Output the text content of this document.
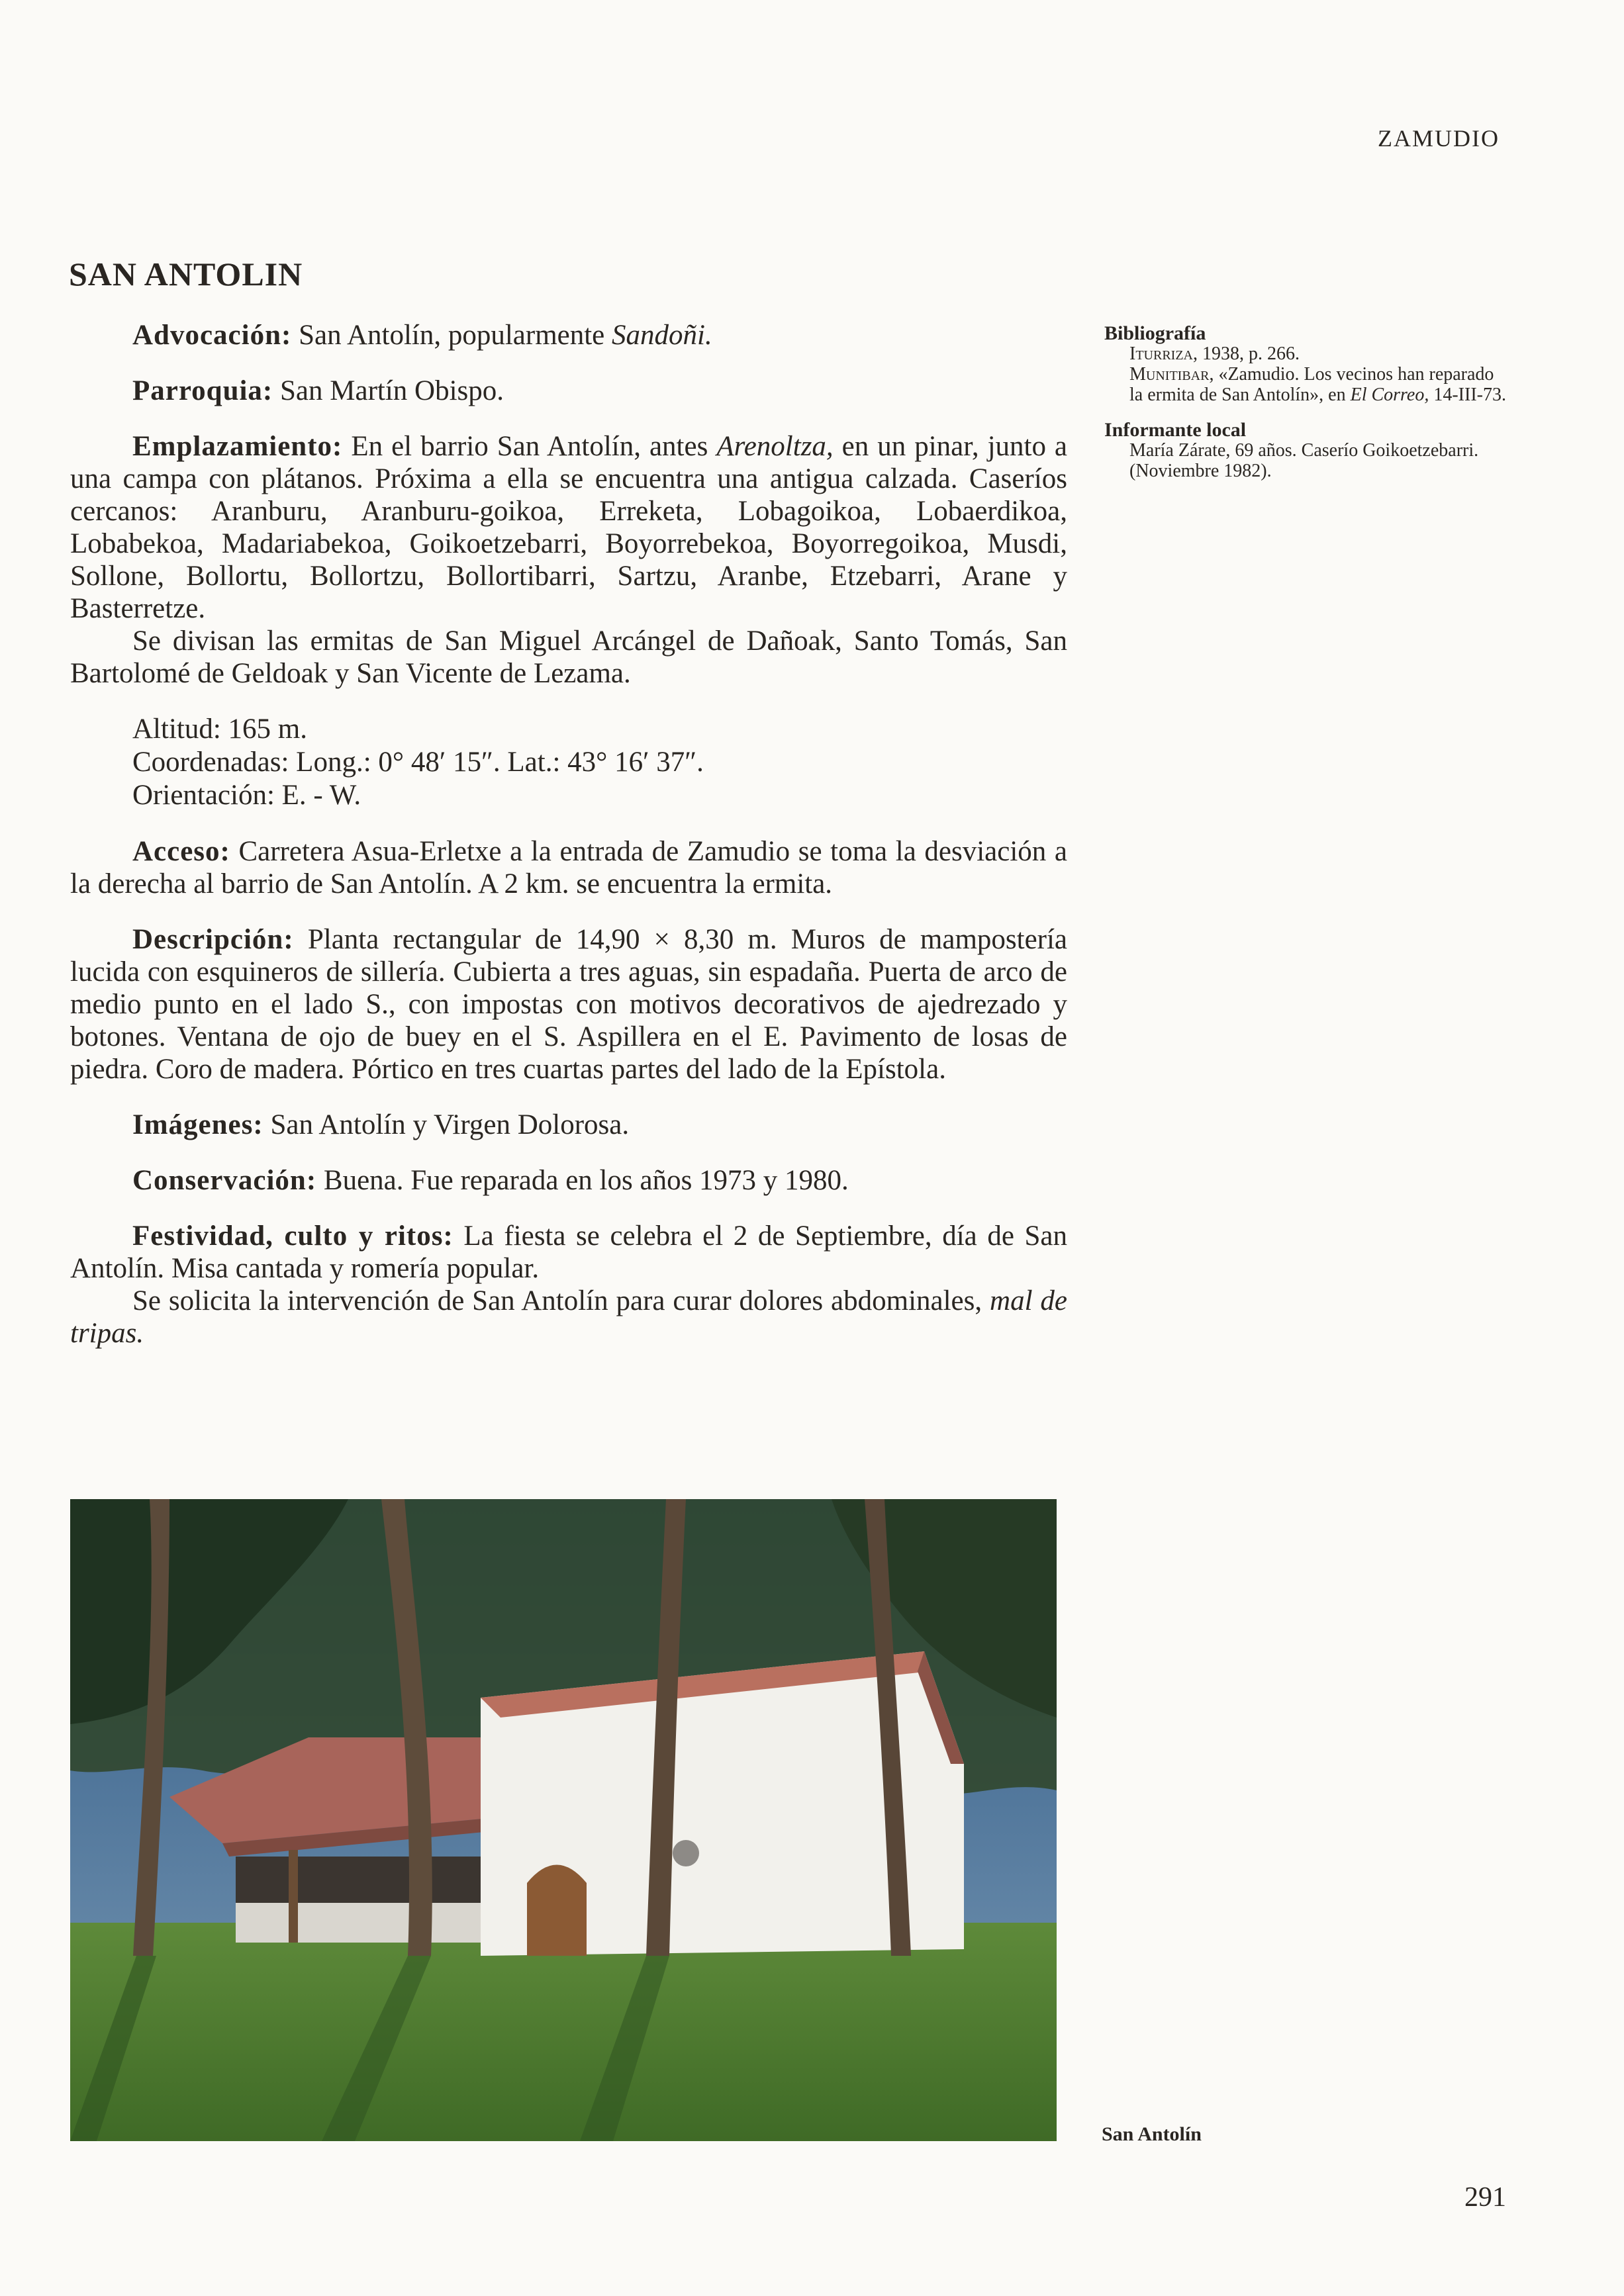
ZAMUDIO
SAN ANTOLIN

Advocación: San Antolín, popularmente Sandoñi.

Parroquia: San Martín Obispo.

Emplazamiento: En el barrio San Antolín, antes Arenoltza, en un pinar, junto a una campa con plátanos. Próxima a ella se encuentra una antigua calzada. Caseríos cercanos: Aranburu, Aranburu-goikoa, Erreketa, Lobagoikoa, Lobaerdikoa, Lobabekoa, Madariabekoa, Goikoetzebarri, Boyorrebekoa, Boyorregoikoa, Musdi, Sollone, Bollortu, Bollortzu, Bollortibarri, Sartzu, Aranbe, Etzebarri, Arane y Basterretze.

Se divisan las ermitas de San Miguel Arcángel de Dañoak, Santo Tomás, San Bartolomé de Geldoak y San Vicente de Lezama.

Altitud: 165 m.
Coordenadas: Long.: 0° 48′ 15″. Lat.: 43° 16′ 37″.
Orientación: E. - W.

Acceso: Carretera Asua-Erletxe a la entrada de Zamudio se toma la desviación a la derecha al barrio de San Antolín. A 2 km. se encuentra la ermita.

Descripción: Planta rectangular de 14,90 × 8,30 m. Muros de mampostería lucida con esquineros de sillería. Cubierta a tres aguas, sin espadaña. Puerta de arco de medio punto en el lado S., con impostas con motivos decorativos de ajedrezado y botones. Ventana de ojo de buey en el S. Aspillera en el E. Pavimento de losas de piedra. Coro de madera. Pórtico en tres cuartas partes del lado de la Epístola.

Imágenes: San Antolín y Virgen Dolorosa.

Conservación: Buena. Fue reparada en los años 1973 y 1980.

Festividad, culto y ritos: La fiesta se celebra el 2 de Septiembre, día de San Antolín. Misa cantada y romería popular.

Se solicita la intervención de San Antolín para curar dolores abdominales, mal de tripas.

Bibliografía
Iturriza, 1938, p. 266.
Munitibar, «Zamudio. Los vecinos han reparado la ermita de San Antolín», en El Correo, 14-III-73.
Informante local
María Zárate, 69 años. Caserío Goikoetzebarri. (Noviembre 1982).
San Antolín
291
